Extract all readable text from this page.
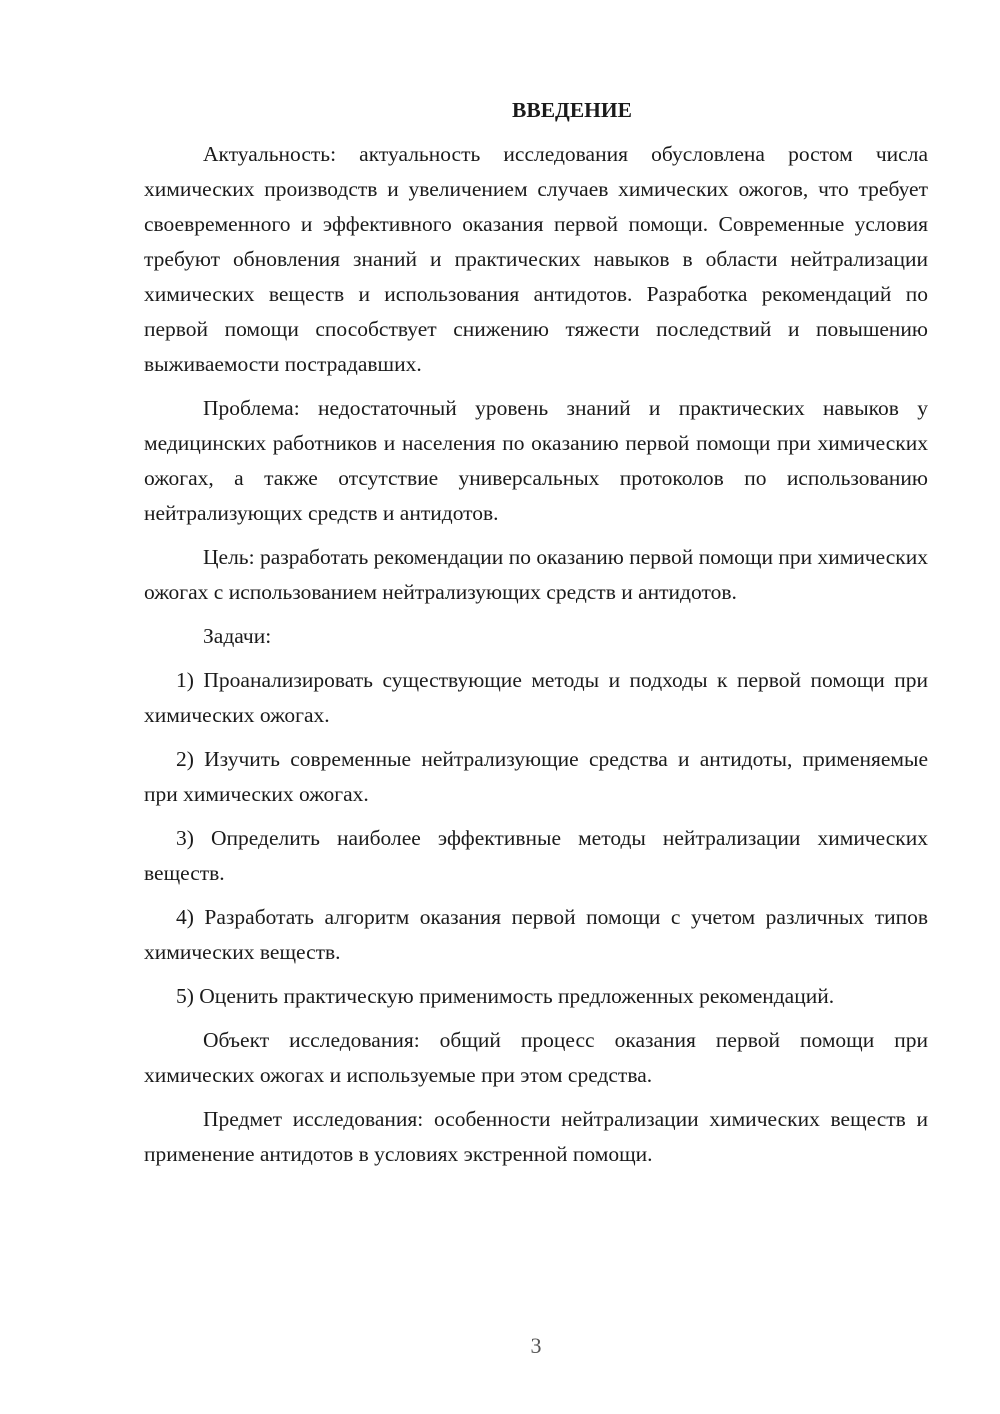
ВВЕДЕНИЕ

Актуальность: актуальность исследования обусловлена ростом числа химических производств и увеличением случаев химических ожогов, что требует своевременного и эффективного оказания первой помощи. Современные условия требуют обновления знаний и практических навыков в области нейтрализации химических веществ и использования антидотов. Разработка рекомендаций по первой помощи способствует снижению тяжести последствий и повышению выживаемости пострадавших.

Проблема: недостаточный уровень знаний и практических навыков у медицинских работников и населения по оказанию первой помощи при химических ожогах, а также отсутствие универсальных протоколов по использованию нейтрализующих средств и антидотов.

Цель: разработать рекомендации по оказанию первой помощи при химических ожогах с использованием нейтрализующих средств и антидотов.

Задачи:

1) Проанализировать существующие методы и подходы к первой помощи при химических ожогах.

2) Изучить современные нейтрализующие средства и антидоты, применяемые при химических ожогах.

3) Определить наиболее эффективные методы нейтрализации химических веществ.

4) Разработать алгоритм оказания первой помощи с учетом различных типов химических веществ.

5) Оценить практическую применимость предложенных рекомендаций.

Объект исследования: общий процесс оказания первой помощи при химических ожогах и используемые при этом средства.

Предмет исследования: особенности нейтрализации химических веществ и применение антидотов в условиях экстренной помощи.

3
